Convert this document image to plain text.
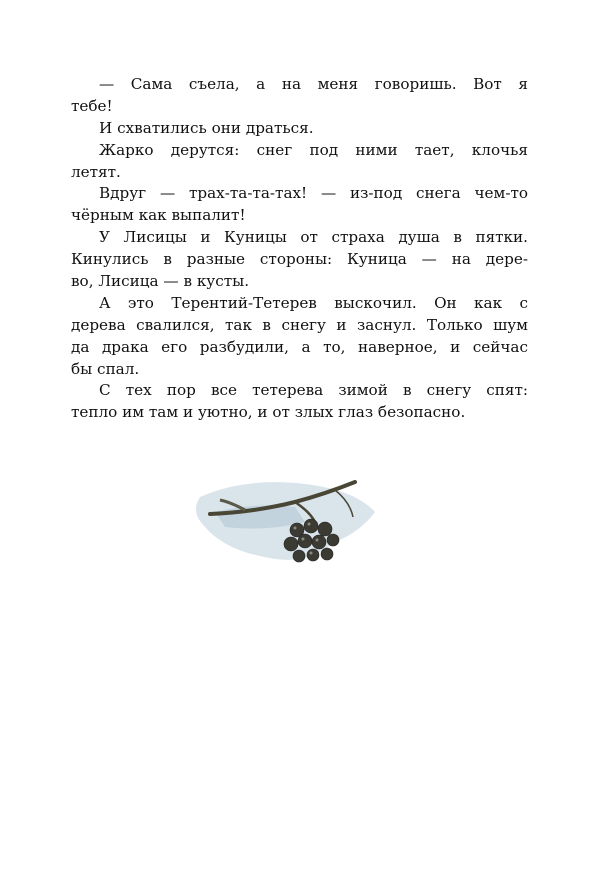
— Сама съела, а на меня говоришь. Вот я
тебе!
И схватились они драться.
Жарко дерутся: снег под ними тает, клочья
летят.
Вдруг — трах-та-та-тах! — из-под снега чем-то
чёрным как выпалит!
У Лисицы и Куницы от страха душа в пятки.
Кинулись в разные стороны: Куница — на дере-
во, Лисица — в кусты.
А это Терентий-Тетерев выскочил. Он как с
дерева свалился, так в снегу и заснул. Только шум
да драка его разбудили, а то, наверное, и сейчас
бы спал.
С тех пор все тетерева зимой в снегу спят:
тепло им там и уютно, и от злых глаз безопасно.
